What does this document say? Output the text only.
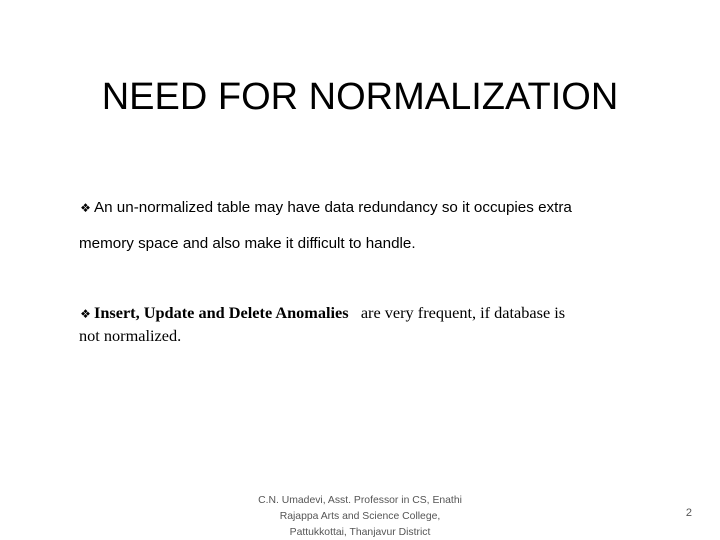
NEED FOR NORMALIZATION
❖ An un-normalized table may have data redundancy so it occupies extra
memory space and also make it difficult to handle.
❖ Insert, Update and Delete Anomalies are very frequent, if database is
not normalized.
C.N. Umadevi, Asst. Professor in CS, Enathi
Rajappa Arts and Science College,
Pattukkottai, Thanjavur District
2
